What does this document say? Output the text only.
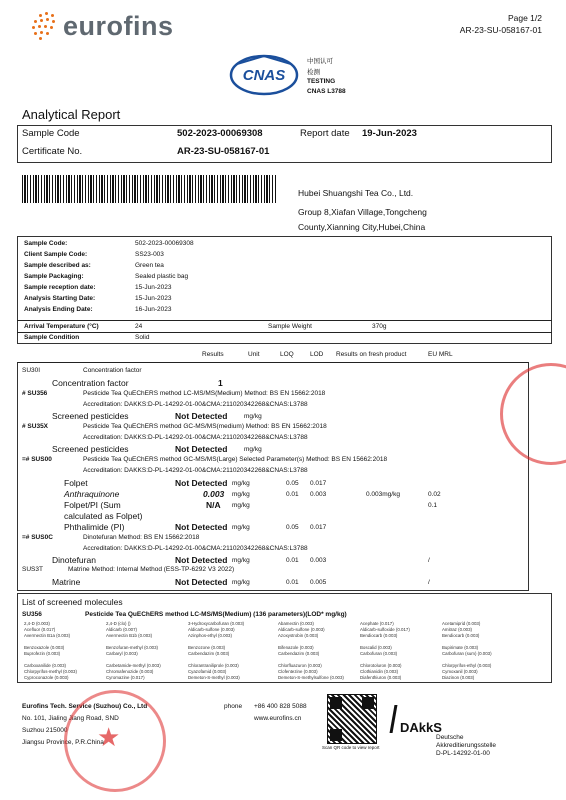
eurofins	Page 1/2
AR-23-SU-058167-01
CNAS
中国认可
检测
TESTING
CNAS L3788
Analytical Report
Sample Code	502-2023-00069308	Report date 19-Jun-2023
Certificate No.	AR-23-SU-058167-01
Hubei Shuangshi Tea Co., Ltd.
Group 8,Xiafan Village,Tongcheng
County,Xianning City,Hubei,China
Sample Code:	502-2023-00069308
Client Sample Code:	SS23-003
Sample described as:	Green tea
Sample Packaging:	Sealed plastic bag
Sample reception date:	15-Jun-2023
Analysis Starting Date:	15-Jun-2023
Analysis Ending Date:	16-Jun-2023
Arrival Temperature (°C)	24	Sample Weight	370g
Sample Condition	Solid
Results	Unit	LOQ	LOD Results on fresh product	EU MRL
SU30I	Concentration factor
Concentration factor	1
# SU356	Pesticide Tea QuEChERS method LC-MS/MS(Medium) Method: BS EN 15662:2018
Accreditation: DAKKS:D-PL-14292-01-00&CMA:211020342268&CNAS:L3788
Screened pesticides	Not Detected	mg/kg
# SU35X	Pesticide Tea QuEChERS method GC-MS/MS(medium) Method: BS EN 15662:2018
Accreditation: DAKKS:D-PL-14292-01-00&CMA:211020342268&CNAS:L3788
Screened pesticides	Not Detected	mg/kg
=# SUS00	Pesticide Tea QuEChERS method GC-MS/MS(Large) Selected Parameter(s) Method: BS EN 15662:2018
Accreditation: DAKKS:D-PL-14292-01-00&CMA:211020342268&CNAS:L3788
Folpet	Not Detected mg/kg	0.05 0.017
Anthraquinone	0.003 mg/kg	0.01 0.003	0.003mg/kg	0.02
Folpet/PI (Sum	N/A mg/kg	0.1
calculated as Folpet)
Phthalimide (PI)	Not Detected mg/kg	0.05 0.017
=# SUS0C	Dinotefuran Method: BS EN 15662:2018
Accreditation: DAKKS:D-PL-14292-01-00&CMA:211020342268&CNAS:L3788
Dinotefuran	Not Detected mg/kg	0.01 0.003	/
SUS3T	Matrine Method: Internal Method (ESS-TP-6292 V3 2022)
Matrine	Not Detected mg/kg	0.01 0.005	/
List of screened molecules
SU356	Pesticide Tea QuEChERS method LC-MS/MS(Medium) (136 parameters)(LOD* mg/kg)
2,4-D (0.003)	2,4-D (clo) ()	3-Hydroxycarbofuran (0.003)	Abamectin (0.003)	Acephate (0.017)	Acetamiprid (0.003)
Acefluor (0.017)	Aldicarb (0.007)	Aldicarb-sulfone (0.003)	Aldicarb-sulfone (0.003)	Aldicarb-sulfoxide (0.017)	Amitraz (0.003)
Avermectin B1a (0.003)	Avermectin B1b (0.003)	Azinphos-ethyl (0.003)	Azoxystrobin (0.003)	Bendiocarb (0.003)	Bendiocarb (0.003)
Benzoxazole (0.003)	Benzofuran-methyl (0.003)	Benzozone (0.003)	Bifenazole (0.003)	Boscalid (0.003)	Bupirimate (0.003)
Buprofezin (0.003)	Carbaryl (0.003)	Carbendazim (0.003)	Carbendazim (0.003)	Carbofuran (0.003)	Carbofuran (sum) (0.003)
Carboxanilide (0.003)	Carbetamide-methyl (0.003)	Chlorantraniliprole (0.003)	Chlorfluazuron (0.003)	Chlorotoluron (0.003)	Chlorpyrifos-ethyl (0.003)
Chlorpyrifos-methyl (0.003)	Chromafenozide (0.003)	Cyazofamid (0.003)	Clofentezine (0.003)	Clothianidin (0.003)	Cymoxanil (0.003)
Cyproconazole (0.003)	Cyromazine (0.017)	Demeton-S-methyl (0.003)	Demeton-S-methylsulfone (0.003)	Diafenthiuron (0.003)	Diazinon (0.003)
Eurofins Tech. Service (Suzhou) Co., Ltd
No. 101, Jialing Jiang Road, SND
Suzhou 215000
Jiangsu Province, P.R.China
★
phone +86 400 828 5088
www.eurofins.cn
Scan QR code to view report
DAkkS
Deutsche
Akkreditierungsstelle
D-PL-14292-01-00
